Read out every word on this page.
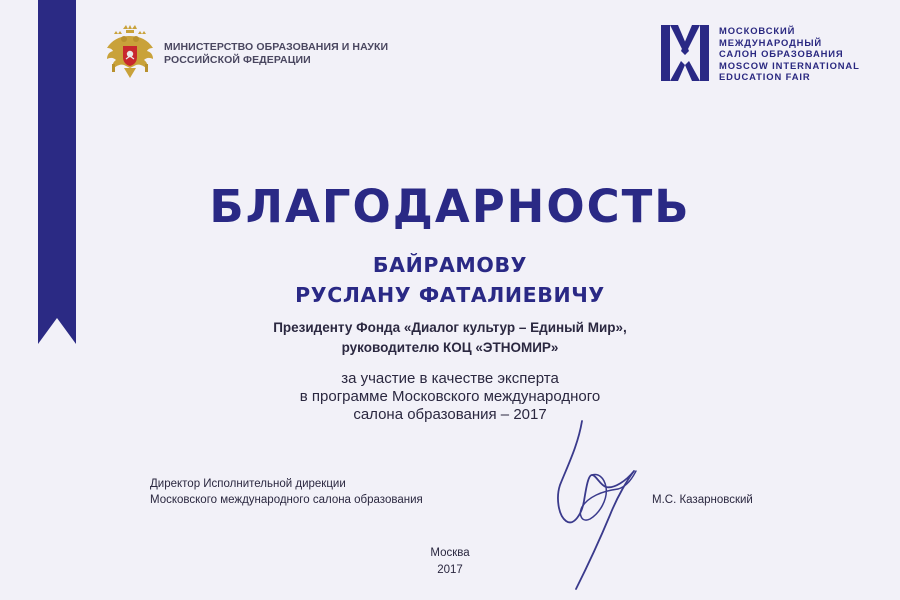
МИНИСТЕРСТВО ОБРАЗОВАНИЯ И НАУКИ
РОССИЙСКОЙ ФЕДЕРАЦИИ
МОСКОВСКИЙ
МЕЖДУНАРОДНЫЙ
САЛОН ОБРАЗОВАНИЯ
MOSCOW INTERNATIONAL
EDUCATION FAIR
БЛАГОДАРНОСТЬ
БАЙРАМОВУ
РУСЛАНУ ФАТАЛИЕВИЧУ
Президенту Фонда «Диалог культур – Единый Мир»,
руководителю КОЦ «ЭТНОМИР»
за участие в качестве эксперта
в программе Московского международного
салона образования – 2017
Директор Исполнительной дирекции
Московского международного салона образования	М.С. Казарновский
Москва
2017
